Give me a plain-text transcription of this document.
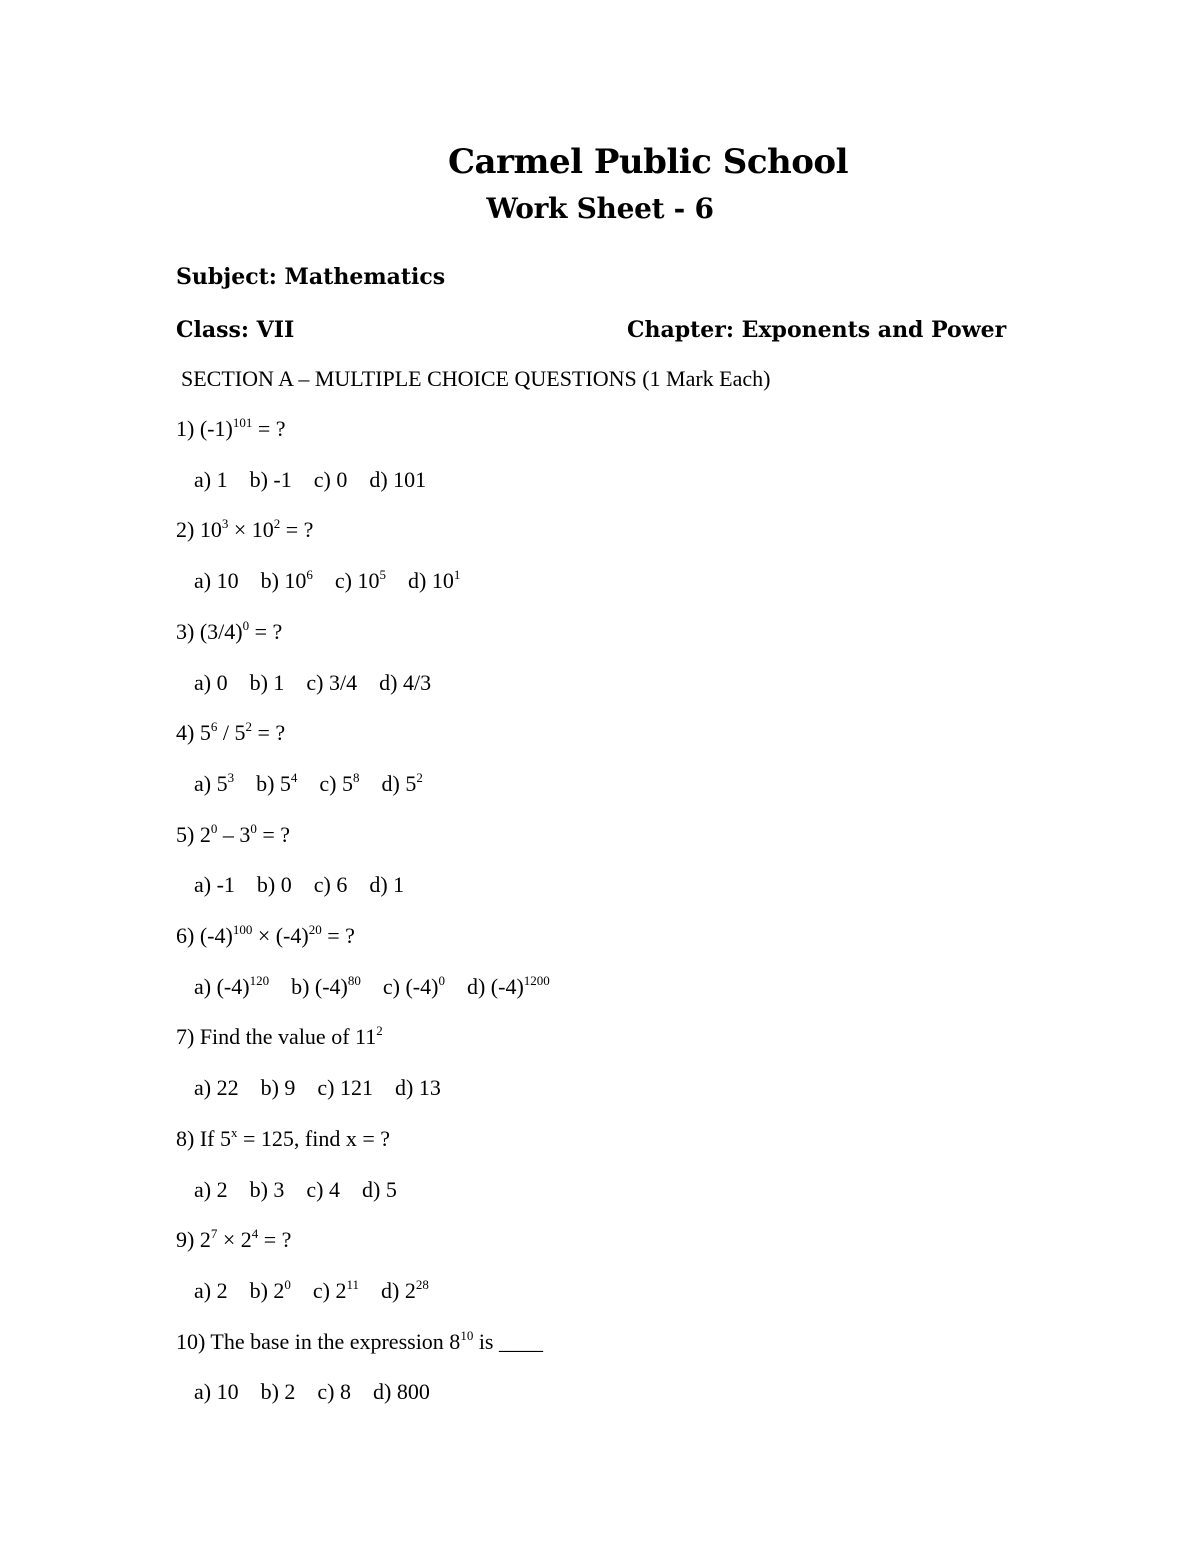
Carmel Public School
Work Sheet - 6
Subject: Mathematics
Class: VII	Chapter: Exponents and Power
SECTION A – MULTIPLE CHOICE QUESTIONS (1 Mark Each)
1) $(-1)^{101}$ = ?
a) 1 b) -1 c) 0 d) 101
2) $10^3 \times 10^2$ = ?
a) 10 b) $10^6$ c) $10^5$ d) $10^1$
3) $(3/4)^0$ = ?
a) 0 b) 1 c) 3/4 d) 4/3
4) $5^6 / 5^2$ = ?
a) $5^3$ b) $5^4$ c) $5^8$ d) $5^2$
5) $2^0 - 3^0$ = ?
a) -1 b) 0 c) 6 d) 1
6) $(-4)^{100} \times (-4)^{20}$ = ?
a) $(-4)^{120}$ b) $(-4)^{80}$ c) $(-4)^0$ d) $(-4)^{1200}$
7) Find the value of $11^2$
a) 22 b) 9 c) 121 d) 13
8) If $5^x = 125$, find x = ?
a) 2 b) 3 c) 4 d) 5
9) $2^7 \times 2^4$ = ?
a) 2 b) $2^0$ c) $2^{11}$ d) $2^{28}$
10) The base in the expression $8^{10}$ is ____
a) 10 b) 2 c) 8 d) 800
